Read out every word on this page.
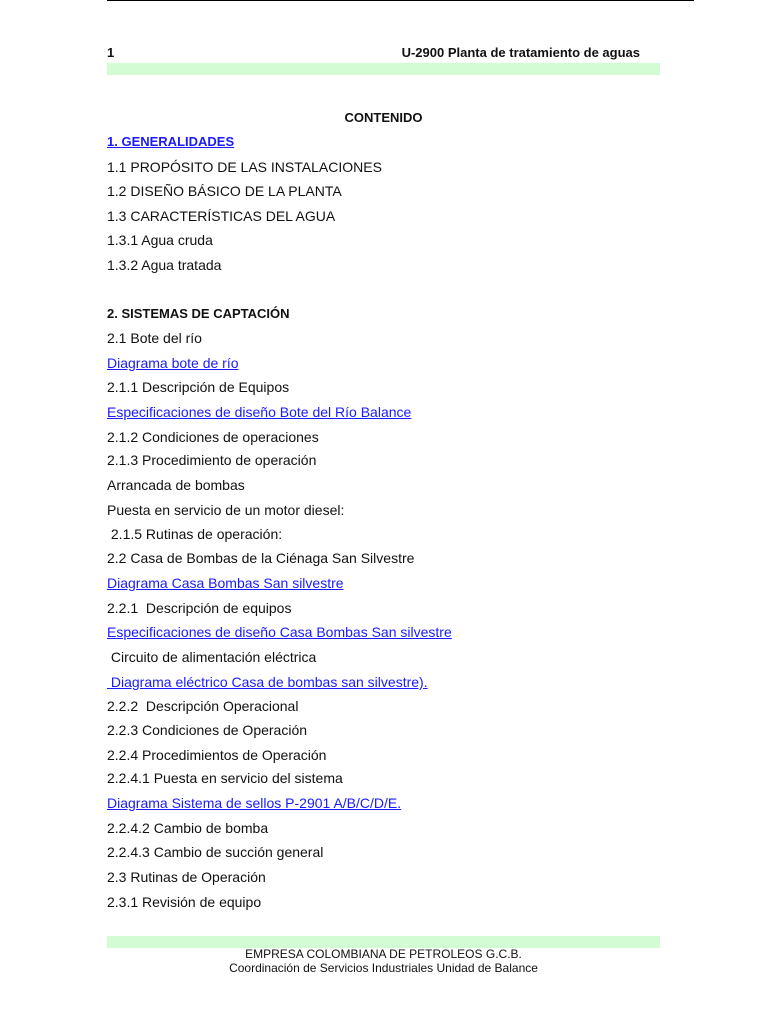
1	U-2900 Planta de tratamiento de aguas
CONTENIDO
1. GENERALIDADES
1.1 PROPÓSITO DE LAS INSTALACIONES
1.2 DISEÑO BÁSICO DE LA PLANTA
1.3 CARACTERÍSTICAS DEL AGUA
1.3.1 Agua cruda
1.3.2 Agua tratada
2. SISTEMAS DE CAPTACIÓN
2.1 Bote del río
Diagrama bote de río
2.1.1 Descripción de Equipos
Especificaciones de diseño Bote del Río Balance
2.1.2 Condiciones de operaciones
2.1.3 Procedimiento de operación
Arrancada de bombas
Puesta en servicio de un motor diesel:
2.1.5 Rutinas de operación:
2.2 Casa de Bombas de la Ciénaga San Silvestre
Diagrama Casa Bombas San silvestre
2.2.1  Descripción de equipos
Especificaciones de diseño Casa Bombas San silvestre
Circuito de alimentación eléctrica
Diagrama eléctrico Casa de bombas san silvestre).
2.2.2  Descripción Operacional
2.2.3 Condiciones de Operación
2.2.4 Procedimientos de Operación
2.2.4.1 Puesta en servicio del sistema
Diagrama Sistema de sellos P-2901 A/B/C/D/E.
2.2.4.2 Cambio de bomba
2.2.4.3 Cambio de succión general
2.3 Rutinas de Operación
2.3.1 Revisión de equipo
EMPRESA COLOMBIANA DE PETROLEOS G.C.B.
Coordinación de Servicios Industriales Unidad de Balance
